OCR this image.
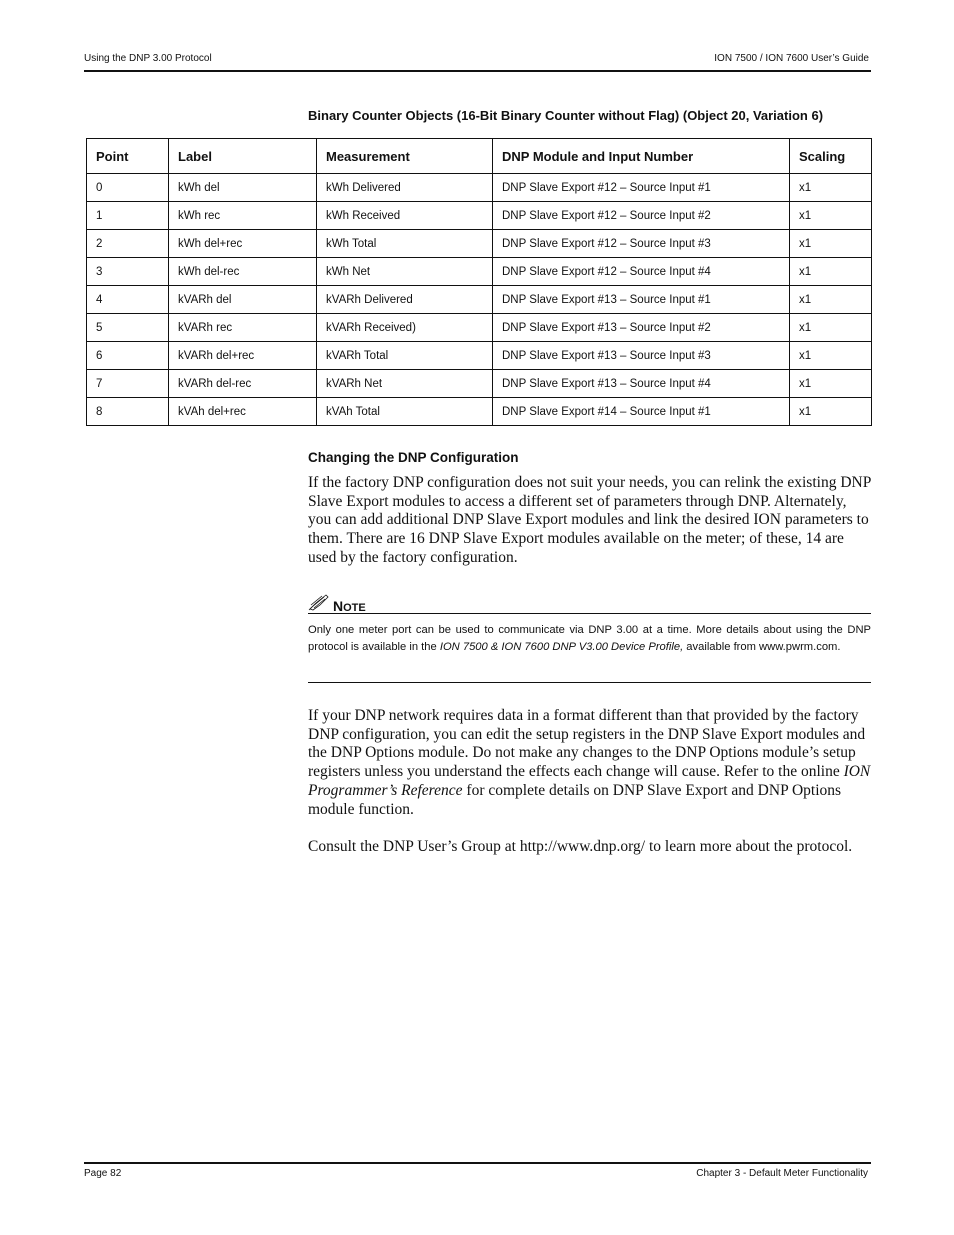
Using the DNP 3.00 Protocol	ION 7500 / ION 7600 User’s Guide
Binary Counter Objects (16-Bit Binary Counter without Flag) (Object 20, Variation 6)
Point	Label	Measurement	DNP Module and Input Number	Scaling
0	kWh del	kWh Delivered	DNP Slave Export #12 – Source Input #1	x1
1	kWh rec	kWh Received	DNP Slave Export #12 – Source Input #2	x1
2	kWh del+rec	kWh Total	DNP Slave Export #12 – Source Input #3	x1
3	kWh del-rec	kWh Net	DNP Slave Export #12 – Source Input #4	x1
4	kVARh del	kVARh Delivered	DNP Slave Export #13 – Source Input #1	x1
5	kVARh rec	kVARh Received)	DNP Slave Export #13 – Source Input #2	x1
6	kVARh del+rec	kVARh Total	DNP Slave Export #13 – Source Input #3	x1
7	kVARh del-rec	kVARh Net	DNP Slave Export #13 – Source Input #4	x1
8	kVAh del+rec	kVAh Total	DNP Slave Export #14 – Source Input #1	x1
Changing the DNP Configuration
If the factory DNP configuration does not suit your needs, you can relink the existing DNP Slave Export modules to access a different set of parameters through DNP. Alternately, you can add additional DNP Slave Export modules and link the desired ION parameters to them. There are 16 DNP Slave Export modules available on the meter; of these, 14 are used by the factory configuration.
NOTE
Only one meter port can be used to communicate via DNP 3.00 at a time. More details about using the DNP protocol is available in the ION 7500 & ION 7600 DNP V3.00 Device Profile, available from www.pwrm.com.
If your DNP network requires data in a format different than that provided by the factory DNP configuration, you can edit the setup registers in the DNP Slave Export modules and the DNP Options module. Do not make any changes to the DNP Options module’s setup registers unless you understand the effects each change will cause. Refer to the online ION Programmer’s Reference for complete details on DNP Slave Export and DNP Options module function.
Consult the DNP User’s Group at http://www.dnp.org/ to learn more about the protocol.
Page 82	Chapter 3 - Default Meter Functionality
